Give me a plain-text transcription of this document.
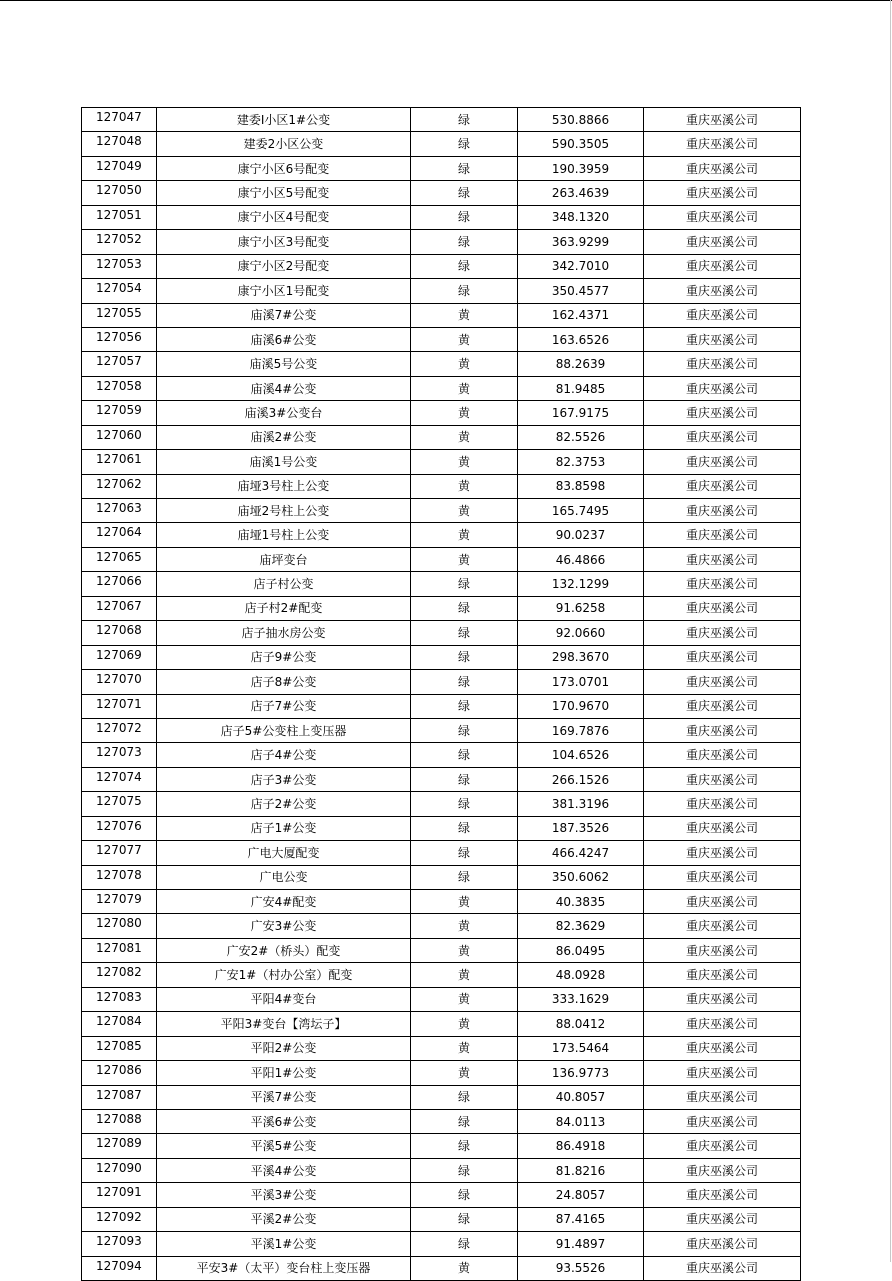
127047	建委Ⅰ小区1#公变	绿	530.8866	重庆巫溪公司
127048	建委2小区公变	绿	590.3505	重庆巫溪公司
127049	康宁小区6号配变	绿	190.3959	重庆巫溪公司
127050	康宁小区5号配变	绿	263.4639	重庆巫溪公司
127051	康宁小区4号配变	绿	348.1320	重庆巫溪公司
127052	康宁小区3号配变	绿	363.9299	重庆巫溪公司
127053	康宁小区2号配变	绿	342.7010	重庆巫溪公司
127054	康宁小区1号配变	绿	350.4577	重庆巫溪公司
127055	庙溪7#公变	黄	162.4371	重庆巫溪公司
127056	庙溪6#公变	黄	163.6526	重庆巫溪公司
127057	庙溪5号公变	黄	88.2639	重庆巫溪公司
127058	庙溪4#公变	黄	81.9485	重庆巫溪公司
127059	庙溪3#公变台	黄	167.9175	重庆巫溪公司
127060	庙溪2#公变	黄	82.5526	重庆巫溪公司
127061	庙溪1号公变	黄	82.3753	重庆巫溪公司
127062	庙垭3号柱上公变	黄	83.8598	重庆巫溪公司
127063	庙垭2号柱上公变	黄	165.7495	重庆巫溪公司
127064	庙垭1号柱上公变	黄	90.0237	重庆巫溪公司
127065	庙坪变台	黄	46.4866	重庆巫溪公司
127066	店子村公变	绿	132.1299	重庆巫溪公司
127067	店子村2#配变	绿	91.6258	重庆巫溪公司
127068	店子抽水房公变	绿	92.0660	重庆巫溪公司
127069	店子9#公变	绿	298.3670	重庆巫溪公司
127070	店子8#公变	绿	173.0701	重庆巫溪公司
127071	店子7#公变	绿	170.9670	重庆巫溪公司
127072	店子5#公变柱上变压器	绿	169.7876	重庆巫溪公司
127073	店子4#公变	绿	104.6526	重庆巫溪公司
127074	店子3#公变	绿	266.1526	重庆巫溪公司
127075	店子2#公变	绿	381.3196	重庆巫溪公司
127076	店子1#公变	绿	187.3526	重庆巫溪公司
127077	广电大厦配变	绿	466.4247	重庆巫溪公司
127078	广电公变	绿	350.6062	重庆巫溪公司
127079	广安4#配变	黄	40.3835	重庆巫溪公司
127080	广安3#公变	黄	82.3629	重庆巫溪公司
127081	广安2#（桥头）配变	黄	86.0495	重庆巫溪公司
127082	广安1#（村办公室）配变	黄	48.0928	重庆巫溪公司
127083	平阳4#变台	黄	333.1629	重庆巫溪公司
127084	平阳3#变台【湾坛子】	黄	88.0412	重庆巫溪公司
127085	平阳2#公变	黄	173.5464	重庆巫溪公司
127086	平阳1#公变	黄	136.9773	重庆巫溪公司
127087	平溪7#公变	绿	40.8057	重庆巫溪公司
127088	平溪6#公变	绿	84.0113	重庆巫溪公司
127089	平溪5#公变	绿	86.4918	重庆巫溪公司
127090	平溪4#公变	绿	81.8216	重庆巫溪公司
127091	平溪3#公变	绿	24.8057	重庆巫溪公司
127092	平溪2#公变	绿	87.4165	重庆巫溪公司
127093	平溪1#公变	绿	91.4897	重庆巫溪公司
127094	平安3#（太平）变台柱上变压器	黄	93.5526	重庆巫溪公司
